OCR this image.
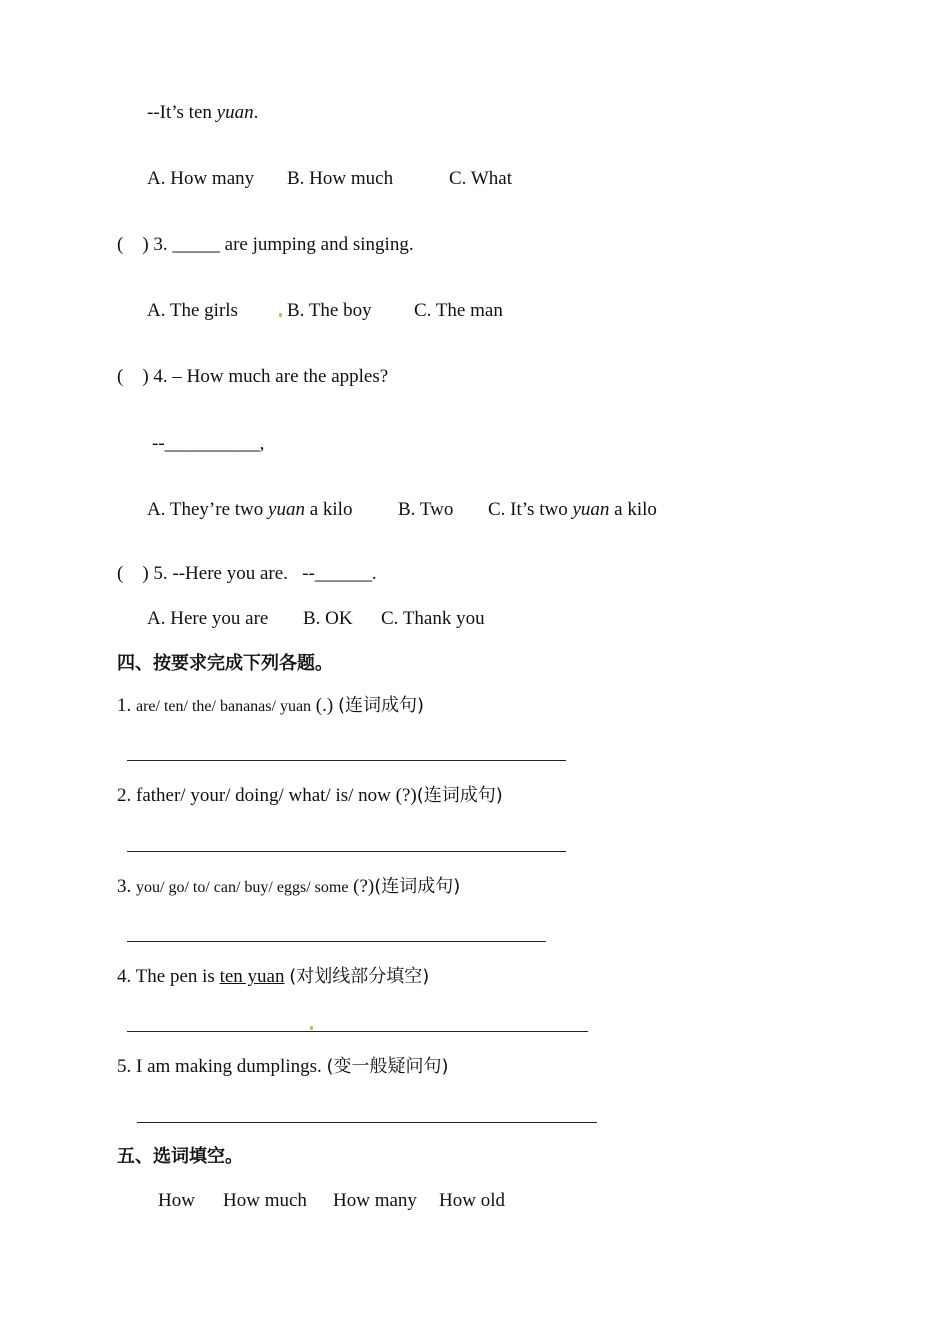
--It’s ten yuan.
A. How many B. How much	C. What
(    ) 3. _____ are jumping and singing.
A. The girls	B. The boy C. The man
(    ) 4. – How much are the apples?
--__________,
A. They’re two yuan a kilo B. Two C. It’s two yuan a kilo
(    ) 5. --Here you are.   --______.
A. Here you are B. OK C. Thank you
四、按要求完成下列各题。
1. are/ ten/ the/ bananas/ yuan (.) (连词成句)
2. father/ your/ doing/ what/ is/ now (?)(连词成句)
3. you/ go/ to/ can/ buy/ eggs/ some (?)(连词成句)
4. The pen is ten yuan (对划线部分填空)
5. I am making dumplings. (变一般疑问句)
五、选词填空。
How How much How many How old
